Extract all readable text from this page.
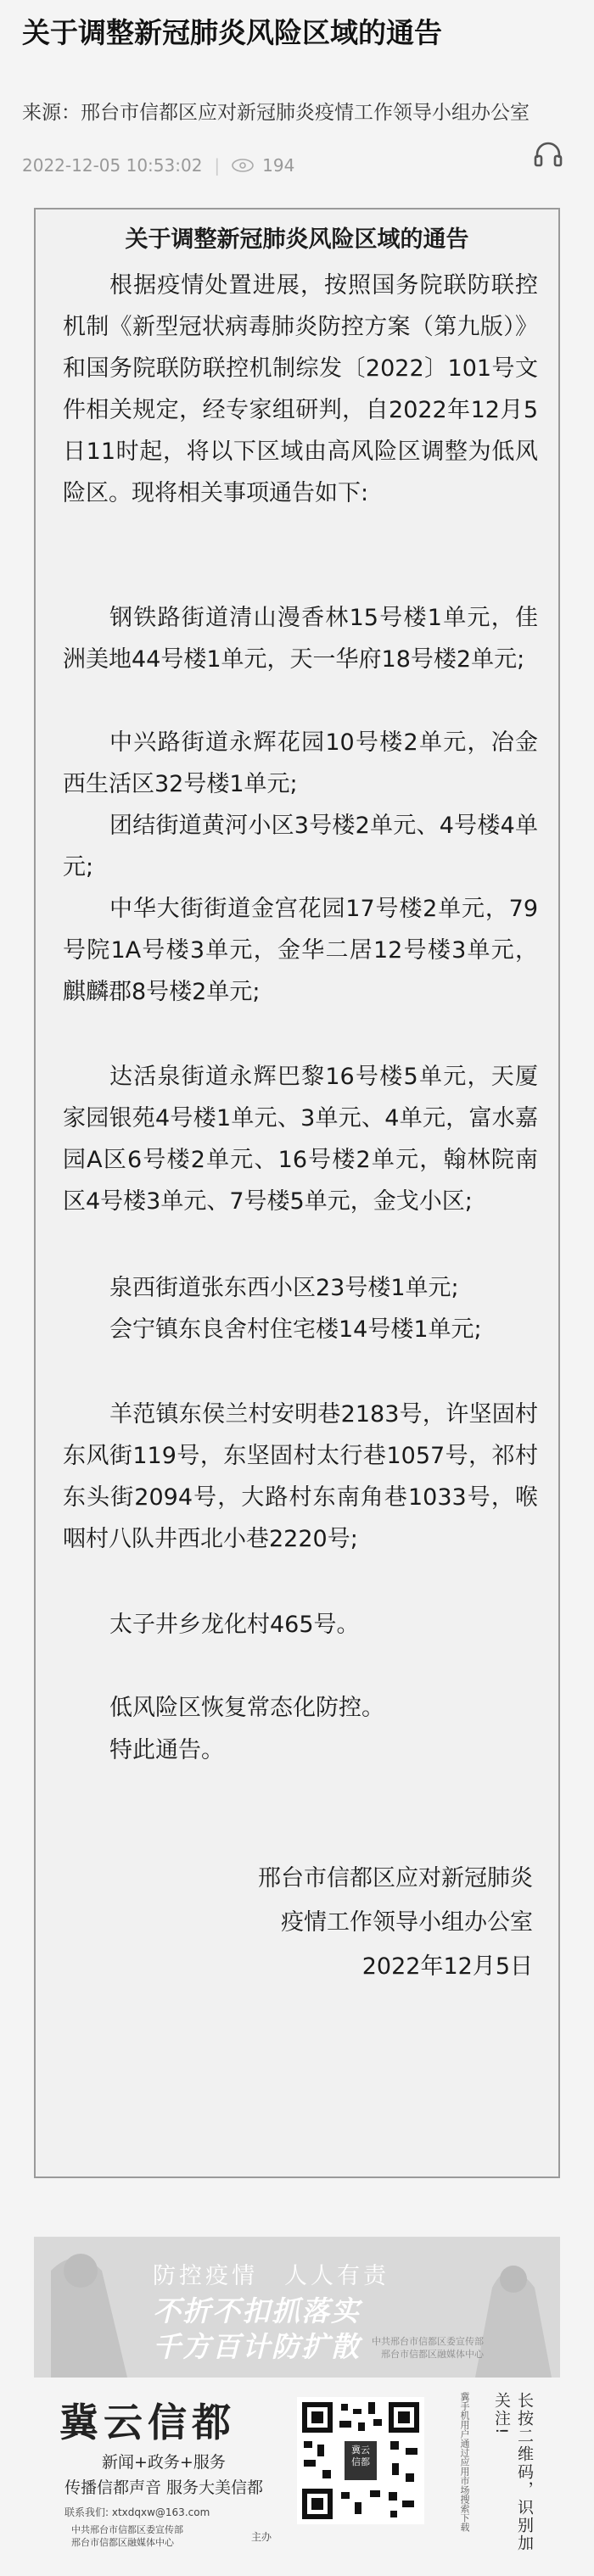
关于调整新冠肺炎风险区域的通告
来源：邢台市信都区应对新冠肺炎疫情工作领导小组办公室
2022-12-05 10:53:02 |	194
关于调整新冠肺炎风险区域的通告
根据疫情处置进展，按照国务院联防联控机制《新型冠状病毒肺炎防控方案（第九版）》和国务院联防联控机制综发〔2022〕101号文件相关规定，经专家组研判，自2022年12月5日11时起，将以下区域由高风险区调整为低风险区。现将相关事项通告如下:
钢铁路街道清山漫香林15号楼1单元，佳洲美地44号楼1单元，天一华府18号楼2单元;
中兴路街道永辉花园10号楼2单元，冶金西生活区32号楼1单元;
团结街道黄河小区3号楼2单元、4号楼4单元;
中华大街街道金宫花园17号楼2单元，79号院1A号楼3单元，金华二居12号楼3单元，麒麟郡8号楼2单元;
达活泉街道永辉巴黎16号楼5单元，天厦家园银苑4号楼1单元、3单元、4单元，富水嘉园A区6号楼2单元、16号楼2单元，翰林院南区4号楼3单元、7号楼5单元，金戈小区;
泉西街道张东西小区23号楼1单元;
会宁镇东良舍村住宅楼14号楼1单元;
羊范镇东侯兰村安明巷2183号，许坚固村东风街119号，东坚固村太行巷1057号，祁村东头街2094号，大路村东南角巷1033号，喉咽村八队井西北小巷2220号;
太子井乡龙化村465号。
低风险区恢复常态化防控。
特此通告。
邢台市信都区应对新冠肺炎
疫情工作领导小组办公室
2022年12月5日
防控疫情　人人有责
不折不扣抓落实
千方百计防扩散 中共邢台市信都区委宣传部
邢台市信都区融媒体中心
冀云信都
新闻+政务+服务
传播信都声音 服务大美信都
联系我们: xtxdqxw@163.com
中共邢台市信都区委宣传部
邢台市信都区融媒体中心	主办
冀云信都	长按二维码，识别加关注!
冀手机用户通过应用市场搜索下载
